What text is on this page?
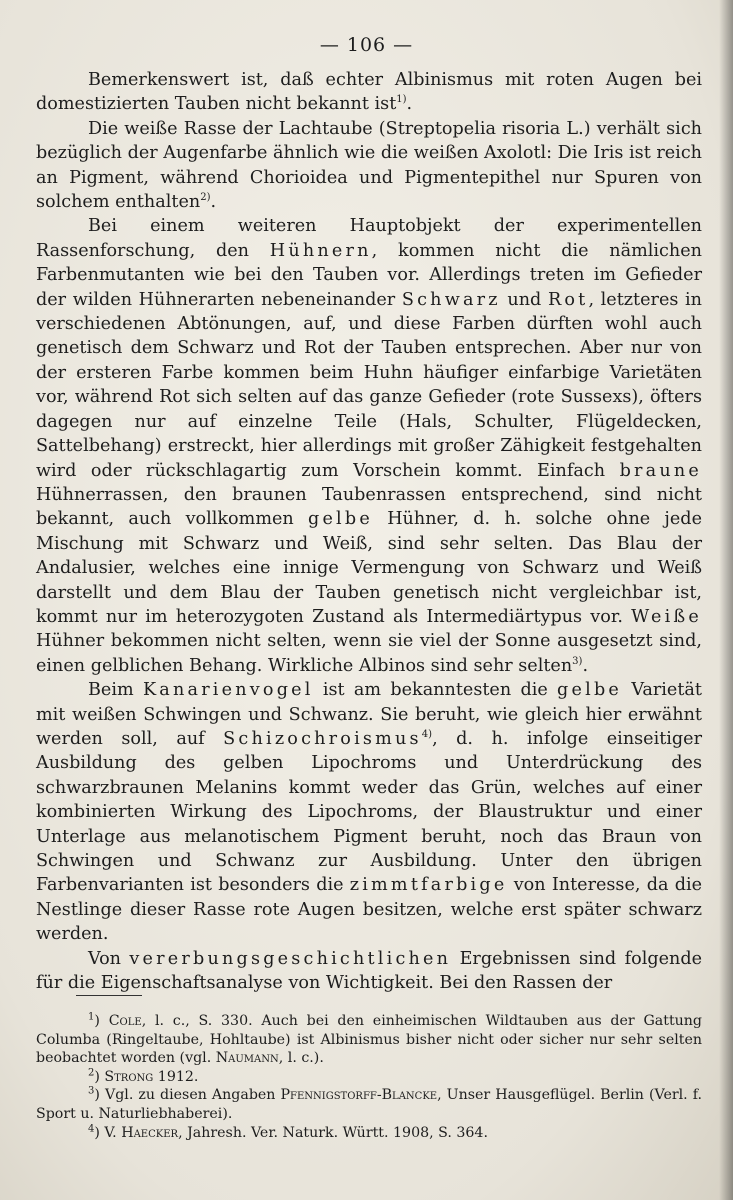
— 106 —

Bemerkenswert ist, daß echter Albinismus mit roten Augen bei domestizierten Tauben nicht bekannt ist$^{1)}$.

Die weiße Rasse der Lachtaube (Streptopelia risoria L.) verhält sich bezüglich der Augenfarbe ähnlich wie die weißen Axolotl: Die Iris ist reich an Pigment, während Chorioidea und Pigmentepithel nur Spuren von solchem enthalten$^{2)}$.

Bei einem weiteren Hauptobjekt der experimentellen Rassenforschung, den Hühnern, kommen nicht die nämlichen Farbenmutanten wie bei den Tauben vor. Allerdings treten im Gefieder der wilden Hühnerarten nebeneinander Schwarz und Rot, letzteres in verschiedenen Abtönungen, auf, und diese Farben dürften wohl auch genetisch dem Schwarz und Rot der Tauben entsprechen. Aber nur von der ersteren Farbe kommen beim Huhn häufiger einfarbige Varietäten vor, während Rot sich selten auf das ganze Gefieder (rote Sussexs), öfters dagegen nur auf einzelne Teile (Hals, Schulter, Flügeldecken, Sattelbehang) erstreckt, hier allerdings mit großer Zähigkeit festgehalten wird oder rückschlagartig zum Vorschein kommt. Einfach braune Hühnerrassen, den braunen Taubenrassen entsprechend, sind nicht bekannt, auch vollkommen gelbe Hühner, d. h. solche ohne jede Mischung mit Schwarz und Weiß, sind sehr selten. Das Blau der Andalusier, welches eine innige Vermengung von Schwarz und Weiß darstellt und dem Blau der Tauben genetisch nicht vergleichbar ist, kommt nur im heterozygoten Zustand als Intermediärtypus vor. Weiße Hühner bekommen nicht selten, wenn sie viel der Sonne ausgesetzt sind, einen gelblichen Behang. Wirkliche Albinos sind sehr selten$^{3)}$.

Beim Kanarienvogel ist am bekanntesten die gelbe Varietät mit weißen Schwingen und Schwanz. Sie beruht, wie gleich hier erwähnt werden soll, auf Schizochroismus$^{4)}$, d. h. infolge einseitiger Ausbildung des gelben Lipochroms und Unterdrückung des schwarzbraunen Melanins kommt weder das Grün, welches auf einer kombinierten Wirkung des Lipochroms, der Blaustruktur und einer Unterlage aus melanotischem Pigment beruht, noch das Braun von Schwingen und Schwanz zur Ausbildung. Unter den übrigen Farbenvarianten ist besonders die zimmtfarbige von Interesse, da die Nestlinge dieser Rasse rote Augen besitzen, welche erst später schwarz werden.

Von vererbungsgeschichtlichen Ergebnissen sind folgende für die Eigenschaftsanalyse von Wichtigkeit. Bei den Rassen der

$^1$) Cole, l. c., S. 330. Auch bei den einheimischen Wildtauben aus der Gattung Columba (Ringeltaube, Hohltaube) ist Albinismus bisher nicht oder sicher nur sehr selten beobachtet worden (vgl. Naumann, l. c.).

$^2$) Strong 1912.

$^3$) Vgl. zu diesen Angaben Pfennigstorff-Blancke, Unser Hausgeflügel. Berlin (Verl. f. Sport u. Naturliebhaberei).

$^4$) V. Haecker, Jahresh. Ver. Naturk. Württ. 1908, S. 364.
